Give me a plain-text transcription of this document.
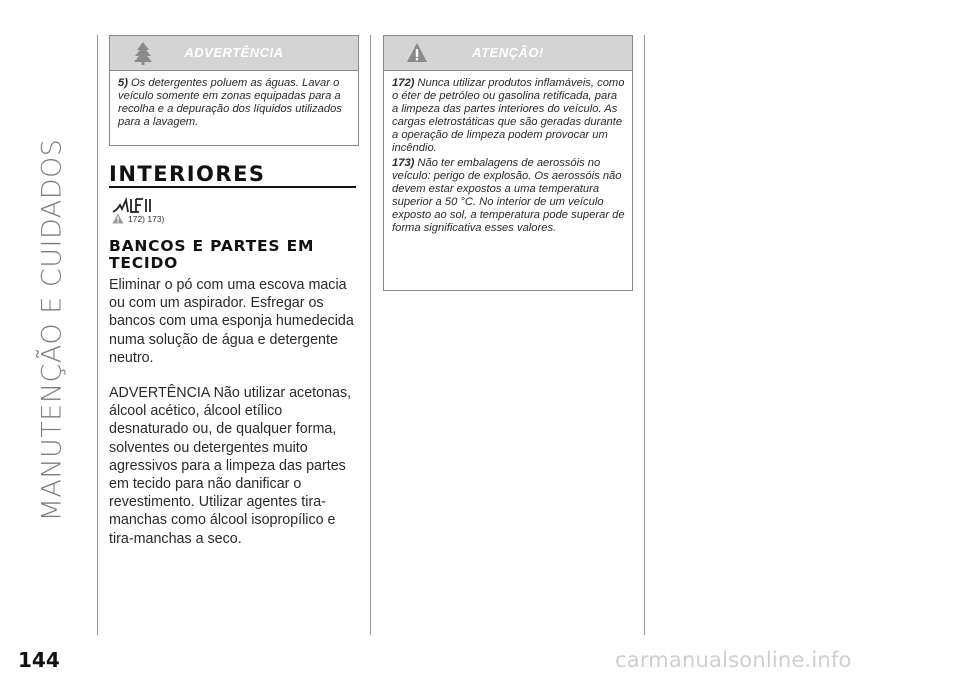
MANUTENÇÃO E CUIDADOS
ADVERTÊNCIA

5) Os detergentes poluem as águas. Lavar o veículo somente em zonas equipadas para a recolha e a depuração dos líquidos utilizados para a lavagem.

INTERIORES
172) 173)
BANCOS E PARTES EM TECIDO

Eliminar o pó com uma escova macia ou com um aspirador. Esfregar os bancos com uma esponja humedecida numa solução de água e detergente neutro.

ADVERTÊNCIA Não utilizar acetonas, álcool acético, álcool etílico desnaturado ou, de qualquer forma, solventes ou detergentes muito agressivos para a limpeza das partes em tecido para não danificar o revestimento. Utilizar agentes tira-manchas como álcool isopropílico e tira-manchas a seco.

ATENÇÃO!

172) Nunca utilizar produtos inflamáveis, como o éter de petróleo ou gasolina retificada, para a limpeza das partes interiores do veículo. As cargas eletrostáticas que são geradas durante a operação de limpeza podem provocar um incêndio.

173) Não ter embalagens de aerossóis no veículo: perigo de explosão. Os aerossóis não devem estar expostos a uma temperatura superior a 50 °C. No interior de um veículo exposto ao sol, a temperatura pode superar de forma significativa esses valores.

144	carmanualsonline.info
